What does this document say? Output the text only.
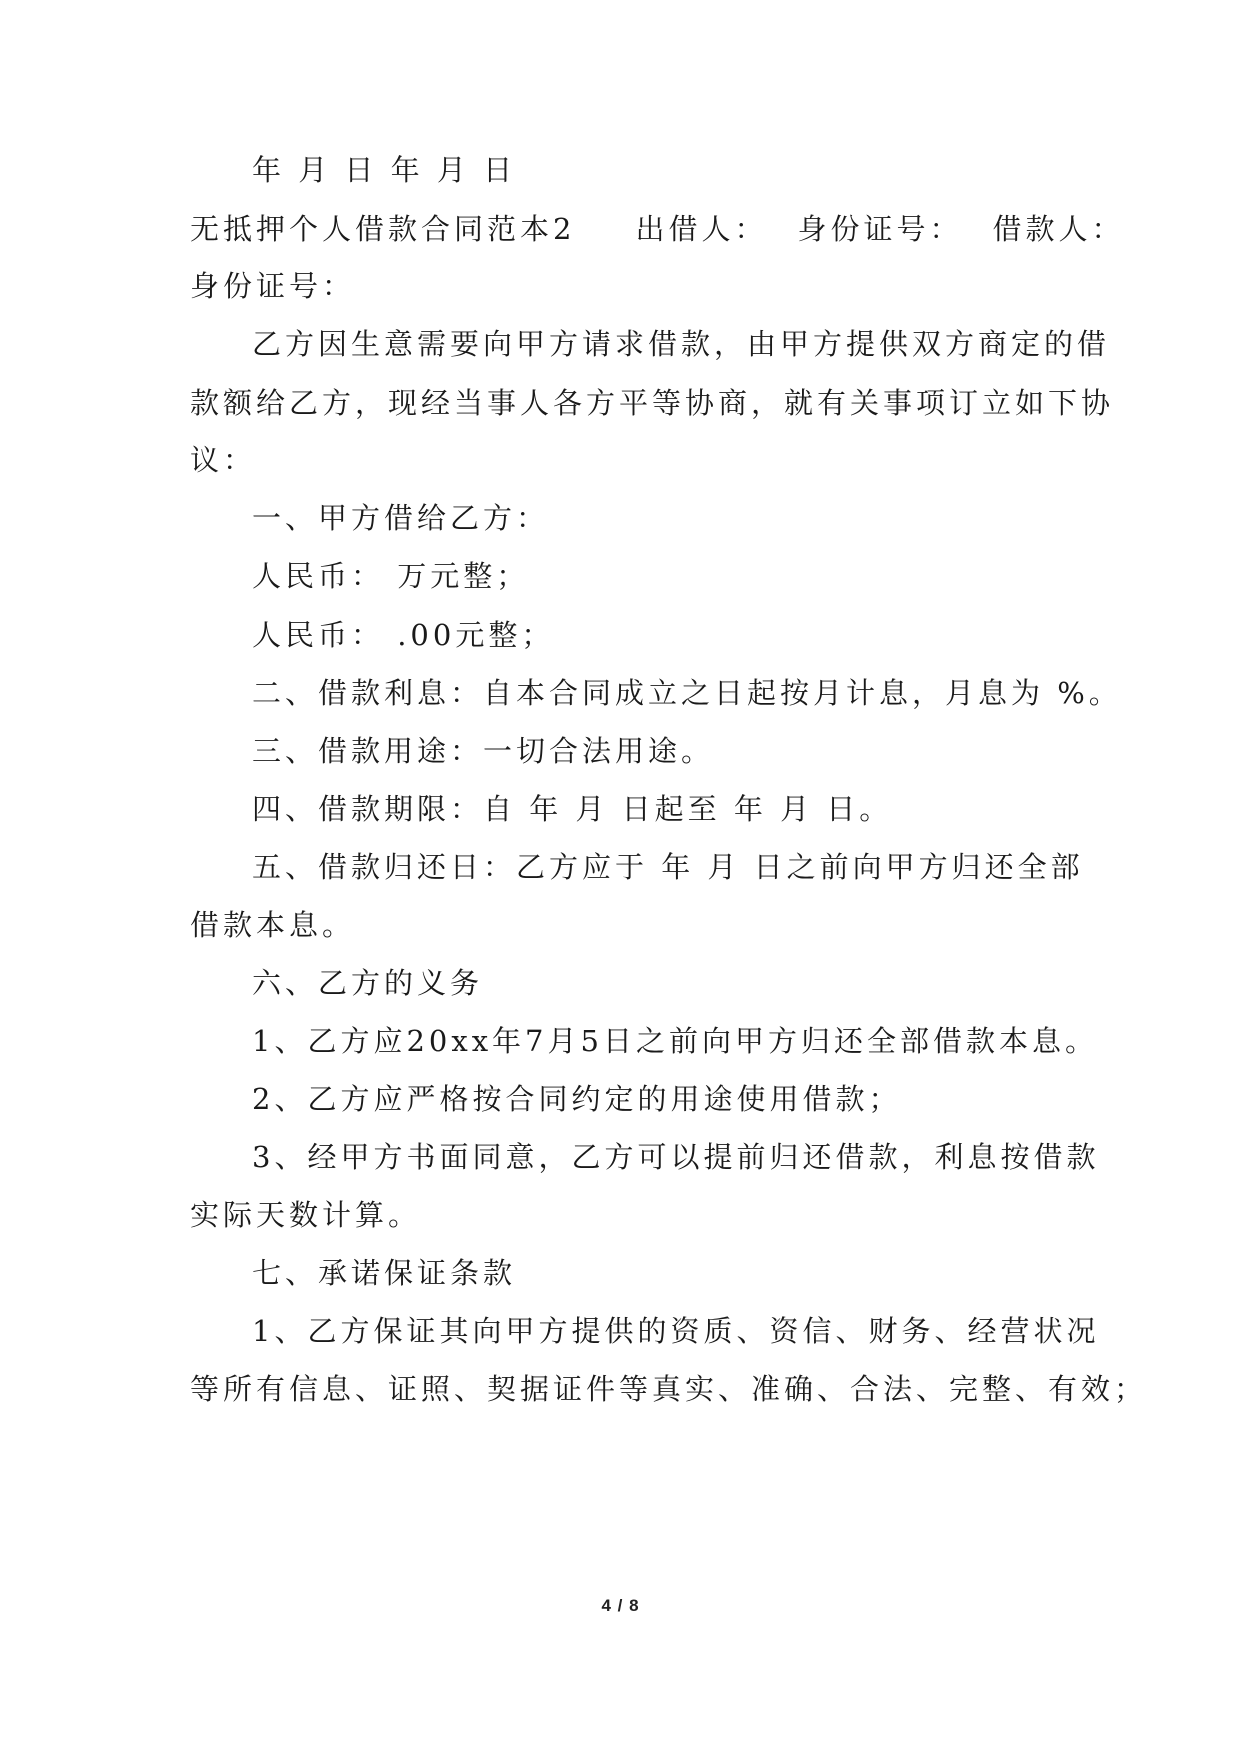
年 月 日 年 月 日
无抵押个人借款合同范本2 出借人： 身份证号： 借款人：
身份证号：
乙方因生意需要向甲方请求借款，由甲方提供双方商定的借
款额给乙方，现经当事人各方平等协商，就有关事项订立如下协
议：
一、甲方借给乙方：
人民币： 万元整；
人民币： .00元整；
二、借款利息：自本合同成立之日起按月计息，月息为 %。
三、借款用途：一切合法用途。
四、借款期限：自 年 月 日起至 年 月 日。
五、借款归还日：乙方应于 年 月 日之前向甲方归还全部
借款本息。
六、乙方的义务
1、乙方应20xx年7月5日之前向甲方归还全部借款本息。
2、乙方应严格按合同约定的用途使用借款；
3、经甲方书面同意，乙方可以提前归还借款，利息按借款
实际天数计算。
七、承诺保证条款
1、乙方保证其向甲方提供的资质、资信、财务、经营状况
等所有信息、证照、契据证件等真实、准确、合法、完整、有效；
4 / 8
